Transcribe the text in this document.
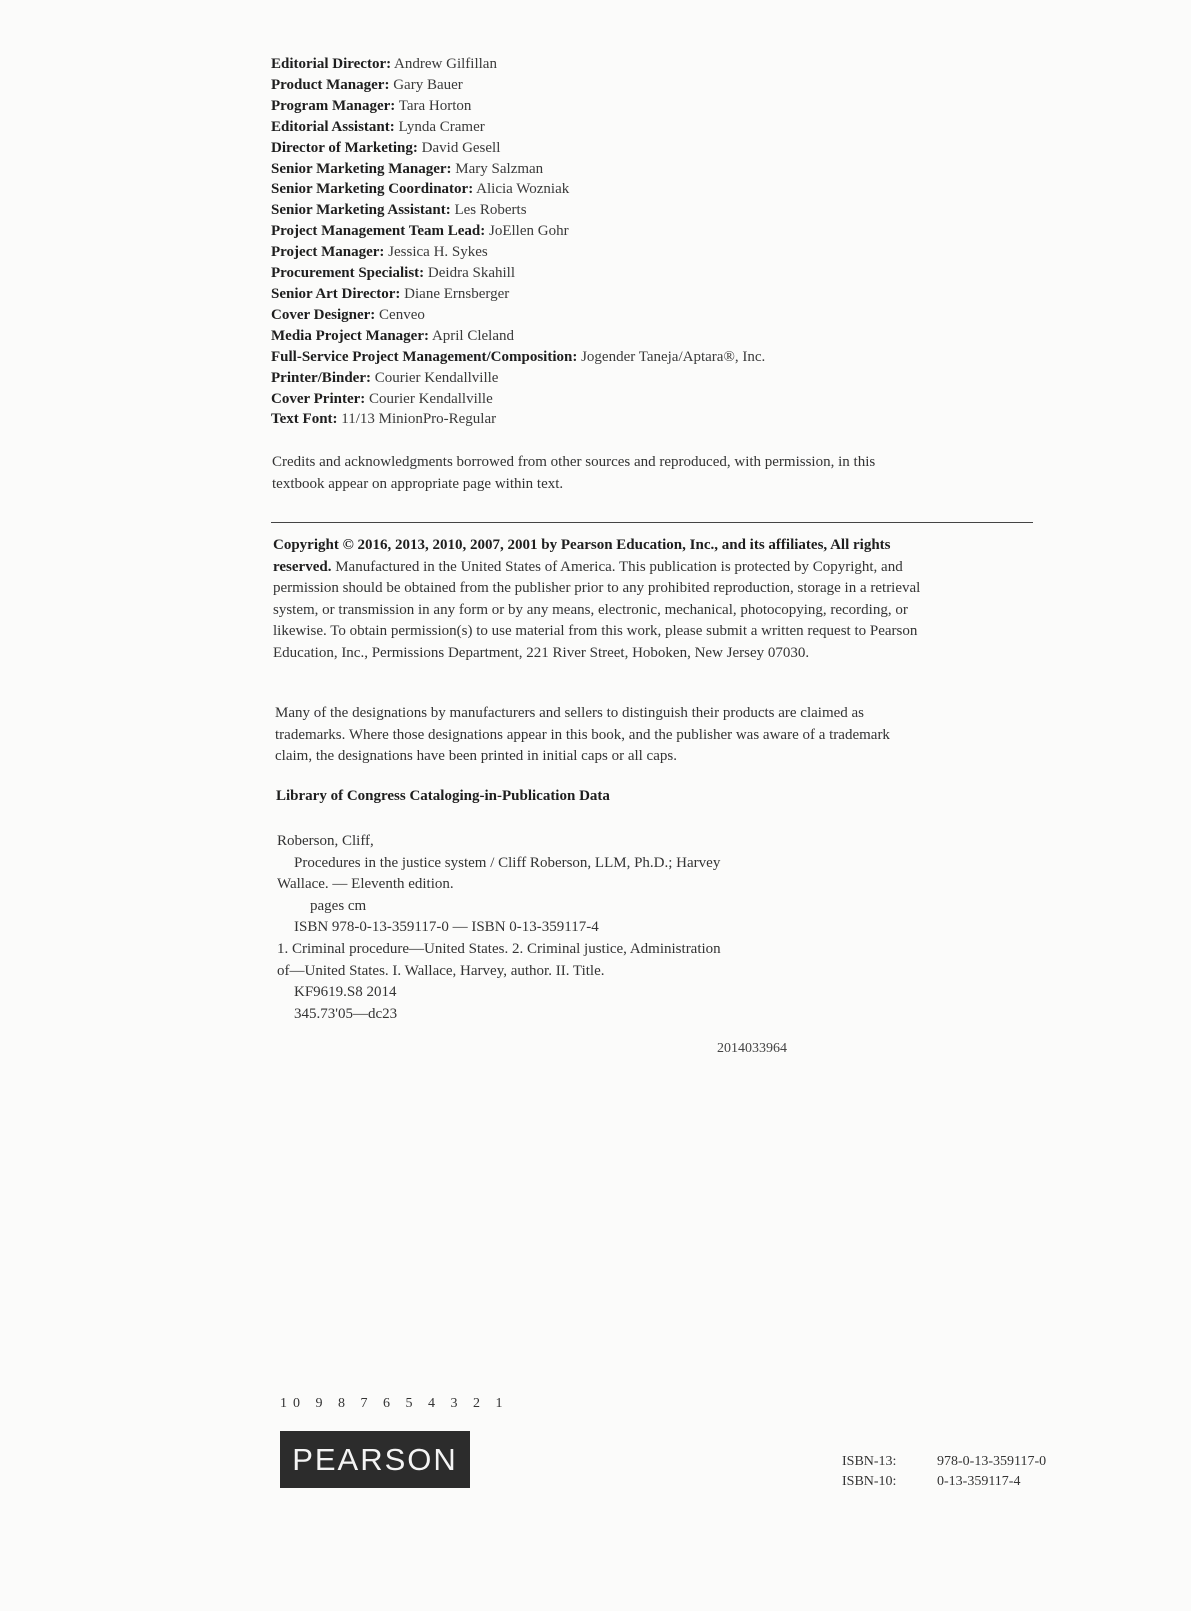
Editorial Director: Andrew Gilfillan
Product Manager: Gary Bauer
Program Manager: Tara Horton
Editorial Assistant: Lynda Cramer
Director of Marketing: David Gesell
Senior Marketing Manager: Mary Salzman
Senior Marketing Coordinator: Alicia Wozniak
Senior Marketing Assistant: Les Roberts
Project Management Team Lead: JoEllen Gohr
Project Manager: Jessica H. Sykes
Procurement Specialist: Deidra Skahill
Senior Art Director: Diane Ernsberger
Cover Designer: Cenveo
Media Project Manager: April Cleland
Full-Service Project Management/Composition: Jogender Taneja/Aptara®, Inc.
Printer/Binder: Courier Kendallville
Cover Printer: Courier Kendallville
Text Font: 11/13 MinionPro-Regular
Credits and acknowledgments borrowed from other sources and reproduced, with permission, in this textbook appear on appropriate page within text.
Copyright © 2016, 2013, 2010, 2007, 2001 by Pearson Education, Inc., and its affiliates, All rights reserved. Manufactured in the United States of America. This publication is protected by Copyright, and permission should be obtained from the publisher prior to any prohibited reproduction, storage in a retrieval system, or transmission in any form or by any means, electronic, mechanical, photocopying, recording, or likewise. To obtain permission(s) to use material from this work, please submit a written request to Pearson Education, Inc., Permissions Department, 221 River Street, Hoboken, New Jersey 07030.
Many of the designations by manufacturers and sellers to distinguish their products are claimed as trademarks. Where those designations appear in this book, and the publisher was aware of a trademark claim, the designations have been printed in initial caps or all caps.
Library of Congress Cataloging-in-Publication Data
Roberson, Cliff,
Procedures in the justice system / Cliff Roberson, LLM, Ph.D.; Harvey
Wallace. — Eleventh edition.
pages cm
ISBN 978-0-13-359117-0 — ISBN 0-13-359117-4
1. Criminal procedure—United States. 2. Criminal justice, Administration
of—United States. I. Wallace, Harvey, author. II. Title.
KF9619.S8 2014
345.73'05—dc23
2014033964
10 9 8 7 6 5 4 3 2 1
PEARSON	ISBN-13:	978-0-13-359117-0
ISBN-10:	0-13-359117-4
